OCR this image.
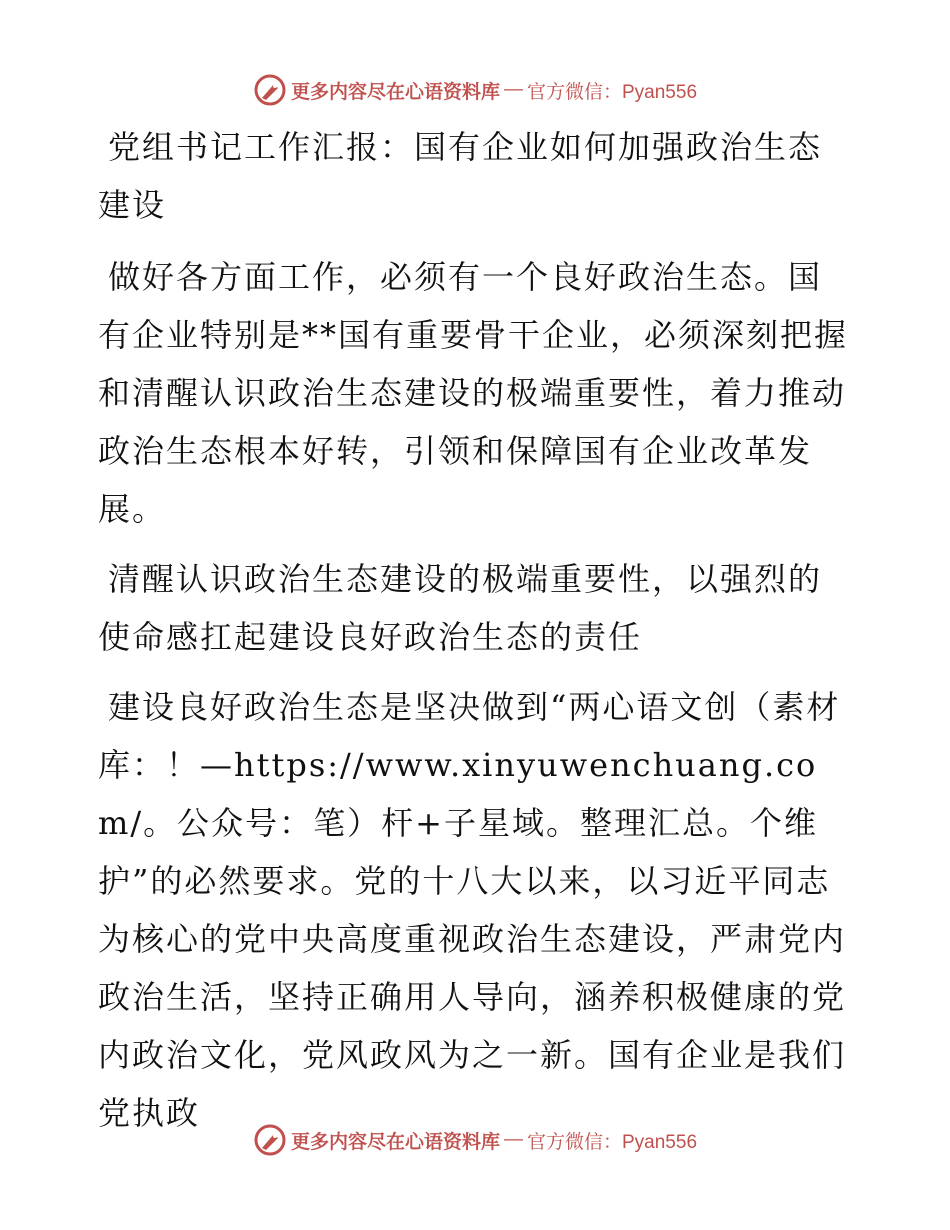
更多内容尽在心语资料库 — 官方微信：Pyan556

党组书记工作汇报：国有企业如何加强政治生态建设

做好各方面工作，必须有一个良好政治生态。国有企业特别是**国有重要骨干企业，必须深刻把握和清醒认识政治生态建设的极端重要性，着力推动政治生态根本好转，引领和保障国有企业改革发展。

清醒认识政治生态建设的极端重要性，以强烈的使命感扛起建设良好政治生态的责任

建设良好政治生态是坚决做到“两心语文创（素材库：！—https://www.xinyuwenchuang.com/。公众号：笔）杆+子星域。整理汇总。个维护”的必然要求。党的十八大以来，以习近平同志为核心的党中央高度重视政治生态建设，严肃党内政治生活，坚持正确用人导向，涵养积极健康的党内政治文化，党风政风为之一新。国有企业是我们党执政

更多内容尽在心语资料库 — 官方微信：Pyan556
